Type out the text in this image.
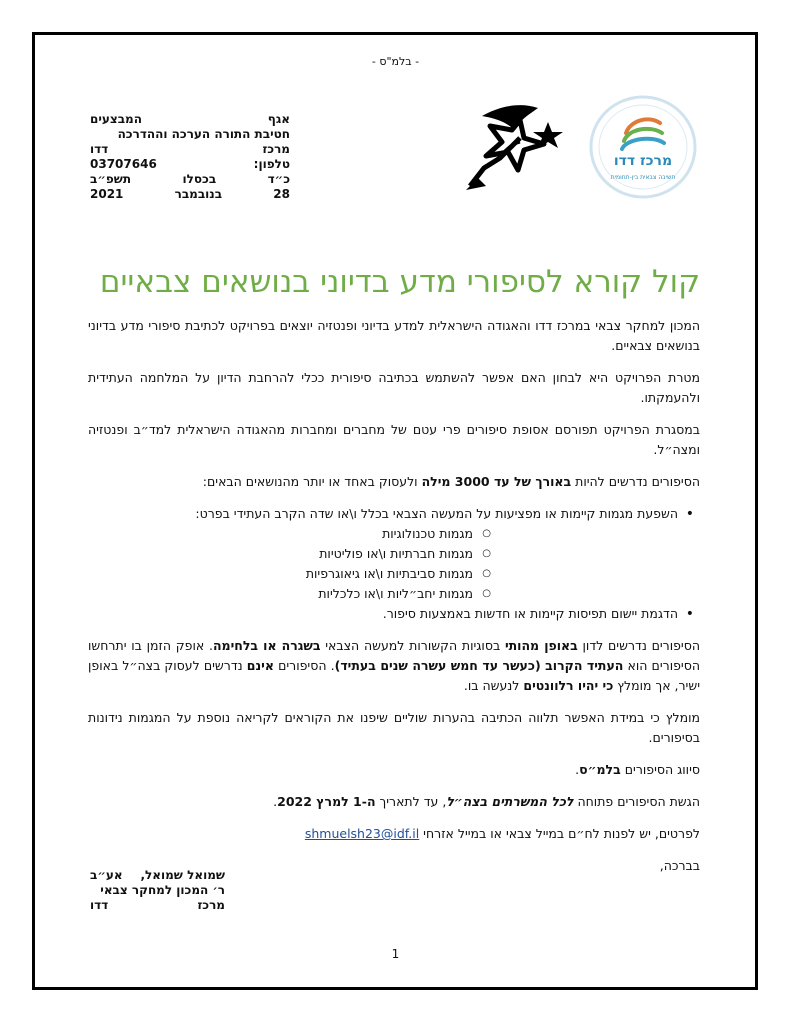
- בלמ"ס -
אגף
המבצעים
חטיבת התורה הערכה וההדרכה
מרכז
דדו
טלפון:
03707646
כ״ד
בכסלו
תשפ״ב
28
בנובמבר
2021
מרכז דדו
חשיבה צבאית בין-תחומית
קול קורא לסיפורי מדע בדיוני בנושאים צבאיים

המכון למחקר צבאי במרכז דדו והאגודה הישראלית למדע בדיוני ופנטזיה יוצאים בפרויקט לכתיבת סיפורי מדע בדיוני בנושאים צבאיים.

מטרת הפרויקט היא לבחון האם אפשר להשתמש בכתיבה סיפורית ככלי להרחבת הדיון על המלחמה העתידית ולהעמקתו.

במסגרת הפרויקט תפורסם אסופת סיפורים פרי עטם של מחברים ומחברות מהאגודה הישראלית למד״ב ופנטזיה ומצה״ל.

הסיפורים נדרשים להיות באורך של עד 3000 מילה ולעסוק באחד או יותר מהנושאים הבאים:

• השפעת מגמות קיימות או מפציעות על המעשה הצבאי בכלל ו\או שדה הקרב העתידי בפרט:
○ מגמות טכנולוגיות
○ מגמות חברתיות ו\או פוליטיות
○ מגמות סביבתיות ו\או גיאוגרפיות
○ מגמות יחב״ליות ו\או כלכליות
• הדגמת יישום תפיסות קיימות או חדשות באמצעות סיפור.

הסיפורים נדרשים לדון באופן מהותי בסוגיות הקשורות למעשה הצבאי בשגרה או בלחימה. אופק הזמן בו יתרחשו הסיפורים הוא העתיד הקרוב (כעשר עד חמש עשרה שנים בעתיד). הסיפורים אינם נדרשים לעסוק בצה״ל באופן ישיר, אך מומלץ כי יהיו רלוונטים לנעשה בו.

מומלץ כי במידת האפשר תלווה הכתיבה בהערות שוליים שיפנו את הקוראים לקריאה נוספת על המגמות נידונות בסיפורים.

סיווג הסיפורים בלמ״ס.

הגשת הסיפורים פתוחה לכל המשרתים בצה״ל, עד לתאריך ה-1 למרץ 2022.

לפרטים, יש לפנות לח״ם במייל צבאי או במייל אזרחי shmuelsh23@idf.il

בברכה,

שמואל שמואל,
אע״ב
ר׳ המכון למחקר צבאי
מרכז
דדו
1
